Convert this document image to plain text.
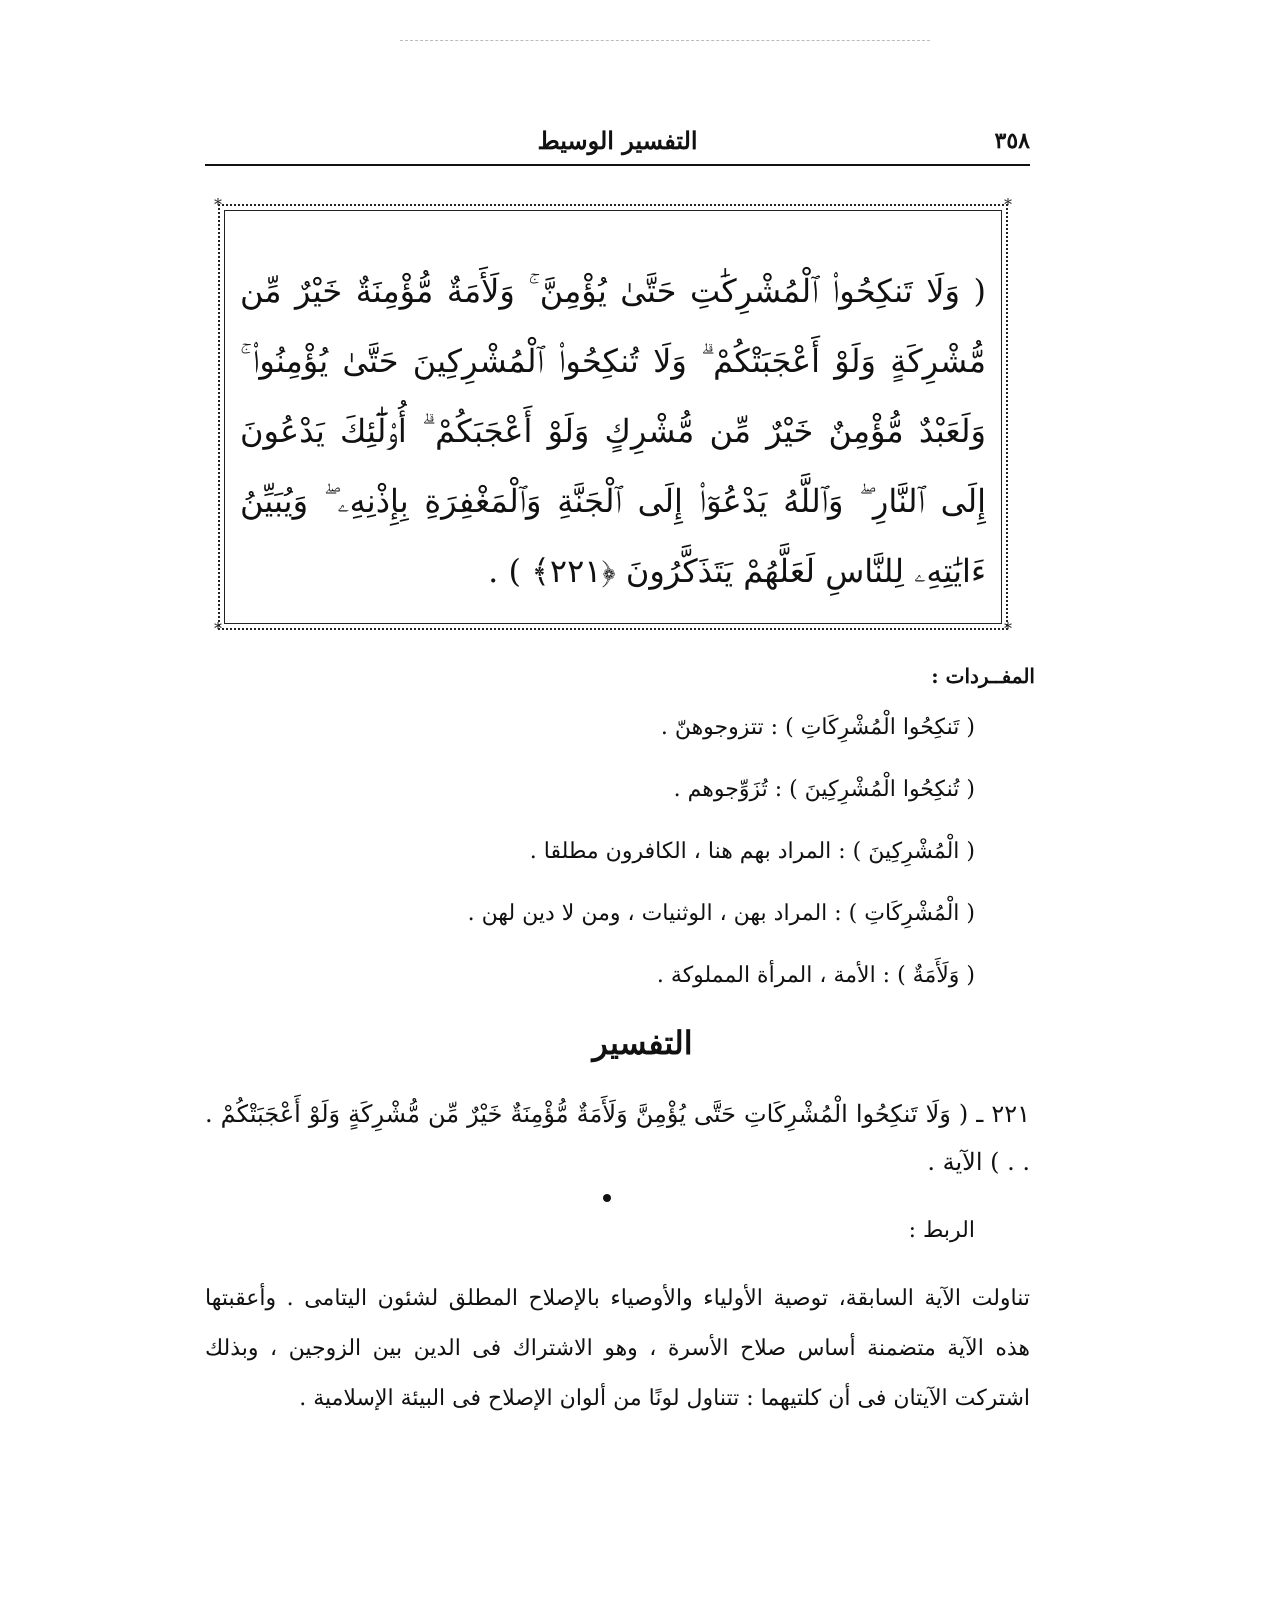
٣٥٨
التفسير الوسيط
*	*
*	*
( وَلَا تَنكِحُوا۟ ٱلْمُشْرِكَٰتِ حَتَّىٰ يُؤْمِنَّ ۚ وَلَأَمَةٌ مُّؤْمِنَةٌ خَيْرٌ مِّن مُّشْرِكَةٍ وَلَوْ أَعْجَبَتْكُمْ ۗ وَلَا تُنكِحُوا۟ ٱلْمُشْرِكِينَ حَتَّىٰ يُؤْمِنُوا۟ ۚ وَلَعَبْدٌ مُّؤْمِنٌ خَيْرٌ مِّن مُّشْرِكٍ وَلَوْ أَعْجَبَكُمْ ۗ أُو۟لَٰٓئِكَ يَدْعُونَ إِلَى ٱلنَّارِ ۖ وَٱللَّهُ يَدْعُوٓا۟ إِلَى ٱلْجَنَّةِ وَٱلْمَغْفِرَةِ بِإِذْنِهِۦ ۖ وَيُبَيِّنُ ءَايَٰتِهِۦ لِلنَّاسِ لَعَلَّهُمْ يَتَذَكَّرُونَ ﴿٢٢١﴾ ) .
المفــردات :
( تَنكِحُوا الْمُشْرِكَاتِ ) : تتزوجوهنّ .
( تُنكِحُوا الْمُشْرِكِينَ ) : تُزَوِّجوهم .
( الْمُشْرِكِينَ ) : المراد بهم هنا ، الكافرون مطلقا .
( الْمُشْرِكَاتِ ) : المراد بهن ، الوثنيات ، ومن لا دين لهن .
( وَلَأَمَةٌ ) : الأمة ، المرأة المملوكة .
التفسير
٢٢١ ـ ( وَلَا تَنكِحُوا الْمُشْرِكَاتِ حَتَّى يُؤْمِنَّ وَلَأَمَةٌ مُّؤْمِنَةٌ خَيْرٌ مِّن مُّشْرِكَةٍ وَلَوْ أَعْجَبَتْكُمْ . . . ) الآية .
الربط :

تناولت الآية السابقة، توصية الأولياء والأوصياء بالإصلاح المطلق لشئون اليتامى . وأعقبتها هذه الآية متضمنة أساس صلاح الأسرة ، وهو الاشتراك فى الدين بين الزوجين ، وبذلك اشتركت الآيتان فى أن كلتيهما : تتناول لونًا من ألوان الإصلاح فى البيئة الإسلامية .
